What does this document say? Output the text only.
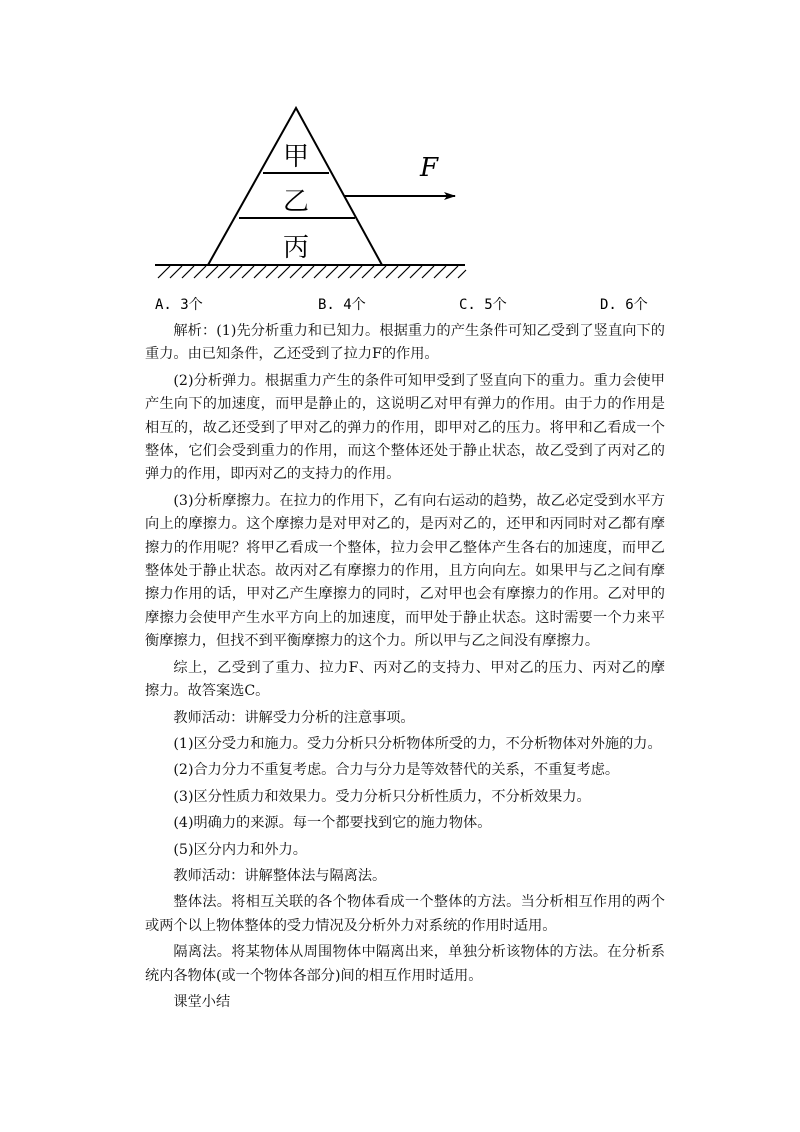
甲
乙
丙
F
A. 3个	B. 4个	C. 5个	D. 6个

解析：(1)先分析重力和已知力。根据重力的产生条件可知乙受到了竖直向下的重力。由已知条件，乙还受到了拉力F的作用。

(2)分析弹力。根据重力产生的条件可知甲受到了竖直向下的重力。重力会使甲产生向下的加速度，而甲是静止的，这说明乙对甲有弹力的作用。由于力的作用是相互的，故乙还受到了甲对乙的弹力的作用，即甲对乙的压力。将甲和乙看成一个整体，它们会受到重力的作用，而这个整体还处于静止状态，故乙受到了丙对乙的弹力的作用，即丙对乙的支持力的作用。

(3)分析摩擦力。在拉力的作用下，乙有向右运动的趋势，故乙必定受到水平方向上的摩擦力。这个摩擦力是对甲对乙的，是丙对乙的，还甲和丙同时对乙都有摩擦力的作用呢？将甲乙看成一个整体，拉力会甲乙整体产生各右的加速度，而甲乙整体处于静止状态。故丙对乙有摩擦力的作用，且方向向左。如果甲与乙之间有摩擦力作用的话，甲对乙产生摩擦力的同时，乙对甲也会有摩擦力的作用。乙对甲的摩擦力会使甲产生水平方向上的加速度，而甲处于静止状态。这时需要一个力来平衡摩擦力，但找不到平衡摩擦力的这个力。所以甲与乙之间没有摩擦力。

综上，乙受到了重力、拉力F、丙对乙的支持力、甲对乙的压力、丙对乙的摩擦力。故答案选C。

教师活动：讲解受力分析的注意事项。

(1)区分受力和施力。受力分析只分析物体所受的力，不分析物体对外施的力。

(2)合力分力不重复考虑。合力与分力是等效替代的关系，不重复考虑。

(3)区分性质力和效果力。受力分析只分析性质力，不分析效果力。

(4)明确力的来源。每一个都要找到它的施力物体。

(5)区分内力和外力。

教师活动：讲解整体法与隔离法。

整体法。将相互关联的各个物体看成一个整体的方法。当分析相互作用的两个或两个以上物体整体的受力情况及分析外力对系统的作用时适用。

隔离法。将某物体从周围物体中隔离出来，单独分析该物体的方法。在分析系统内各物体(或一个物体各部分)间的相互作用时适用。

课堂小结
